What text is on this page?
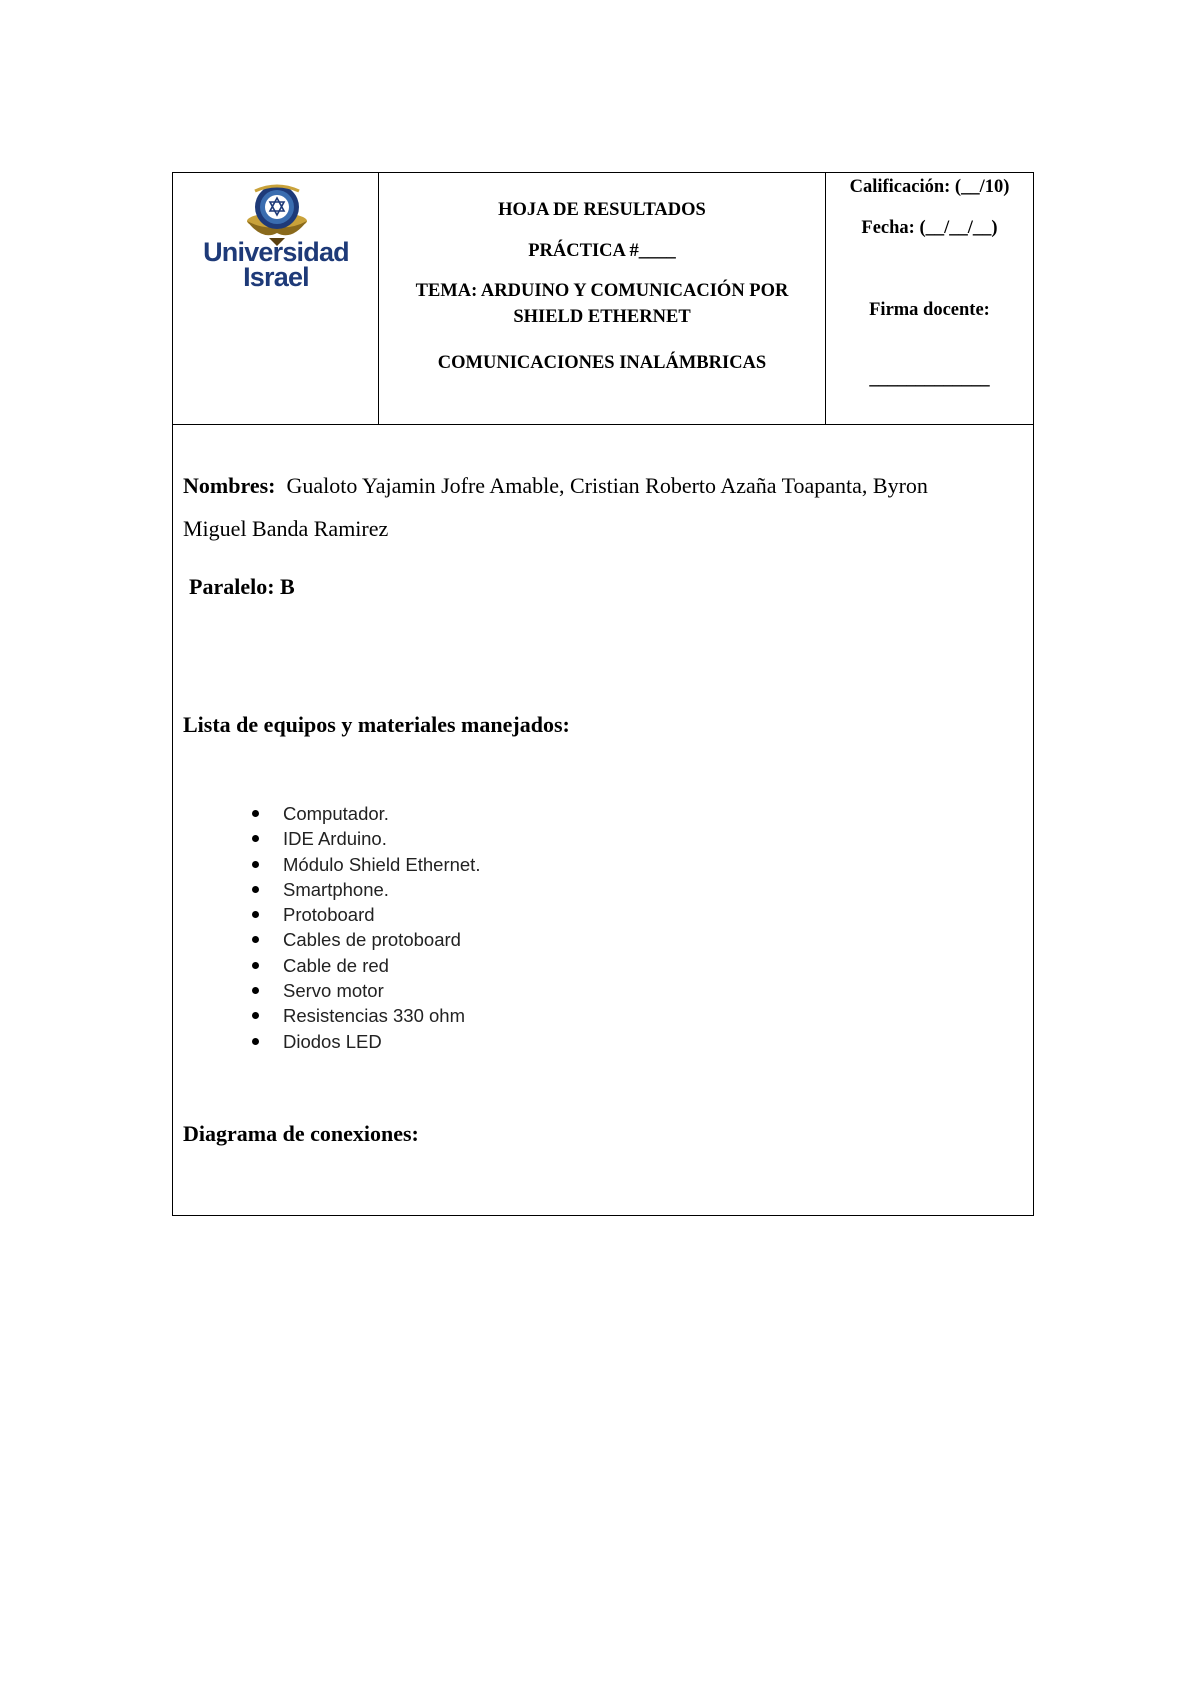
Universidad
Israel
HOJA DE RESULTADOS
PRÁCTICA #____
TEMA: ARDUINO Y COMUNICACIÓN POR
SHIELD ETHERNET
COMUNICACIONES INALÁMBRICAS
Calificación: (__/10)
Fecha: (__/__/__)
Firma docente:
_____________
Nombres:  Gualoto Yajamin Jofre Amable, Cristian Roberto Azaña Toapanta, Byron
Miguel Banda Ramirez
Paralelo: B
Lista de equipos y materiales manejados:
Computador.
IDE Arduino.
Módulo Shield Ethernet.
Smartphone.
Protoboard
Cables de protoboard
Cable de red
Servo motor
Resistencias 330 ohm
Diodos LED
Diagrama de conexiones:
